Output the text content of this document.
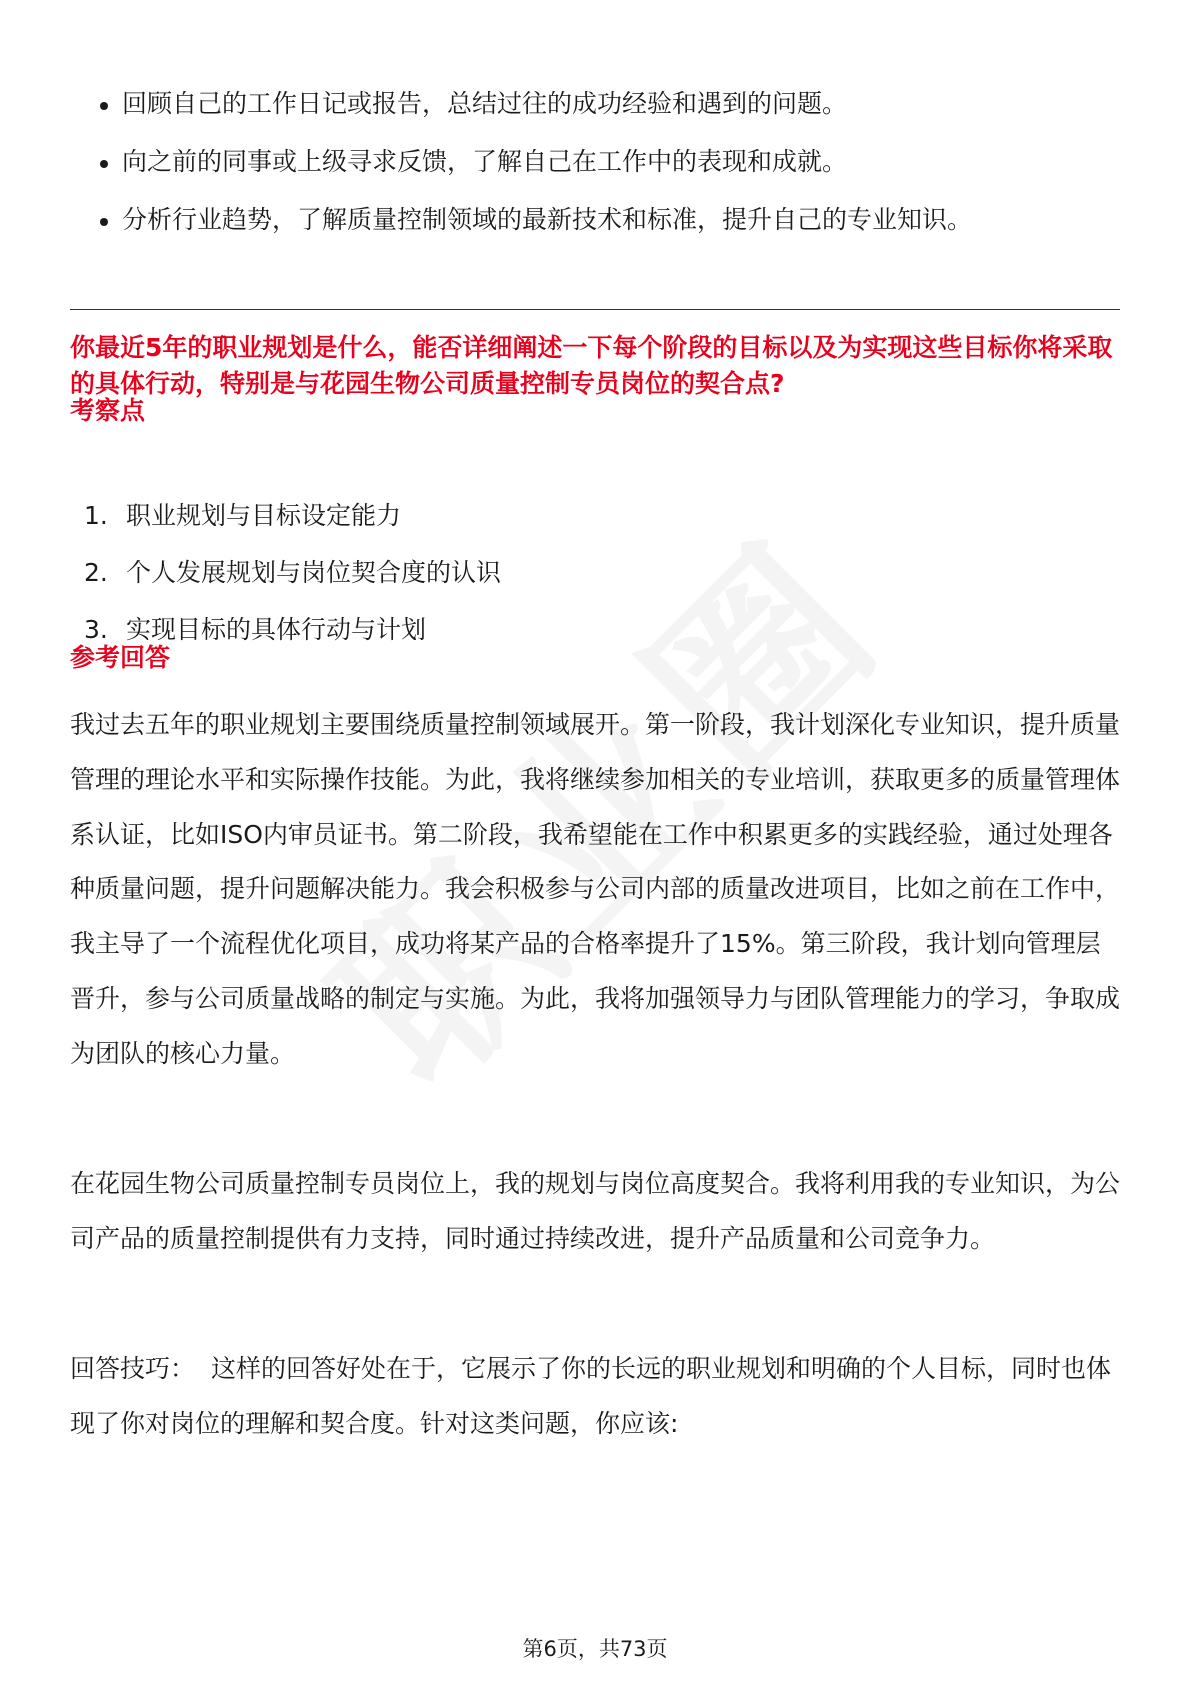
回顾自己的工作日记或报告，总结过往的成功经验和遇到的问题。
向之前的同事或上级寻求反馈，了解自己在工作中的表现和成就。
分析行业趋势，了解质量控制领域的最新技术和标准，提升自己的专业知识。
你最近5年的职业规划是什么，能否详细阐述一下每个阶段的目标以及为实现这些目标你将采取的具体行动，特别是与花园生物公司质量控制专员岗位的契合点?
考察点
1. 职业规划与目标设定能力
2. 个人发展规划与岗位契合度的认识
3. 实现目标的具体行动与计划
参考回答

我过去五年的职业规划主要围绕质量控制领域展开。第一阶段，我计划深化专业知识，提升质量管理的理论水平和实际操作技能。为此，我将继续参加相关的专业培训，获取更多的质量管理体系认证，比如ISO内审员证书。第二阶段，我希望能在工作中积累更多的实践经验，通过处理各种质量问题，提升问题解决能力。我会积极参与公司内部的质量改进项目，比如之前在工作中，我主导了一个流程优化项目，成功将某产品的合格率提升了15%。第三阶段，我计划向管理层晋升，参与公司质量战略的制定与实施。为此，我将加强领导力与团队管理能力的学习，争取成为团队的核心力量。

在花园生物公司质量控制专员岗位上，我的规划与岗位高度契合。我将利用我的专业知识，为公司产品的质量控制提供有力支持，同时通过持续改进，提升产品质量和公司竞争力。

回答技巧： 这样的回答好处在于，它展示了你的长远的职业规划和明确的个人目标，同时也体现了你对岗位的理解和契合度。针对这类问题，你应该:

第6页，共73页
